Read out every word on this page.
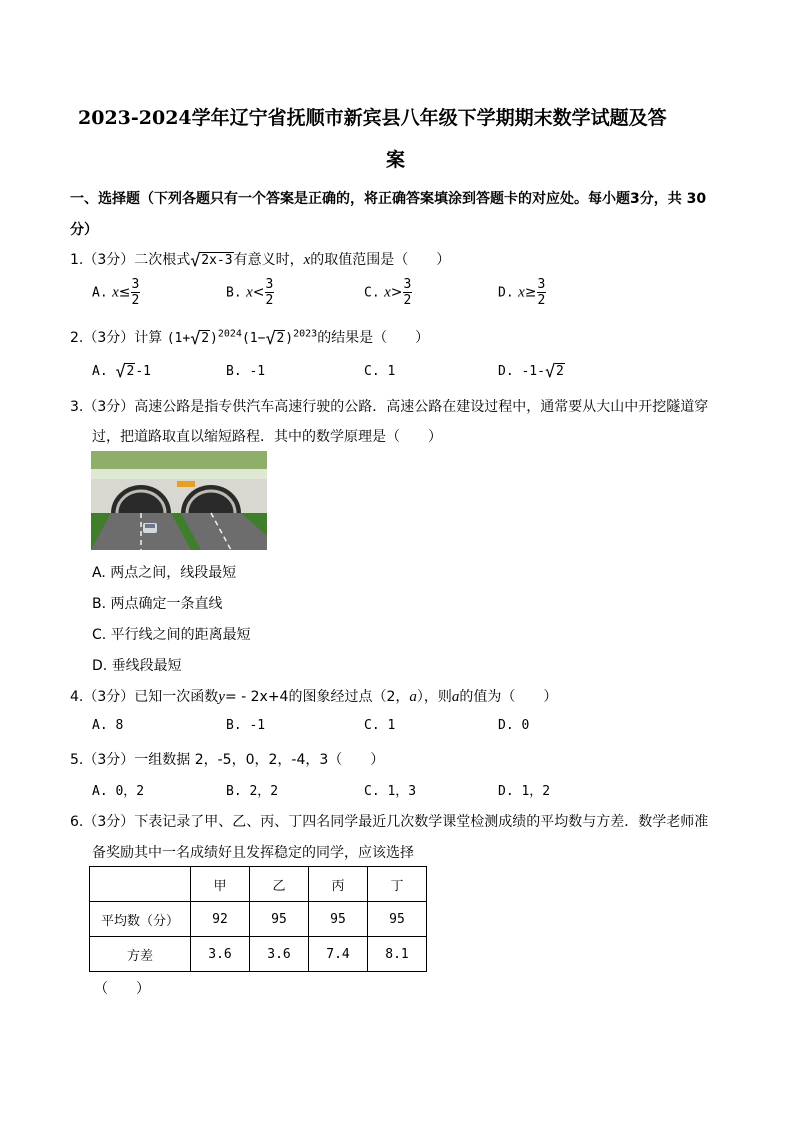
2023-2024学年辽宁省抚顺市新宾县八年级下学期期末数学试题及答
案
一、选择题（下列各题只有一个答案是正确的，将正确答案填涂到答题卡的对应处。每小题3分，共 30
分）
1.（3分）二次根式 √ 2x-3有意义时，x的取值范围是（　　）
A. $x\le \frac{3}{2}$	B. $x< \frac{3}{2}$	C. $x> \frac{3}{2}$	D. $x\ge \frac{3}{2}$
2.（3分）计算 (1+ √ 2)$^{2024}$(1− √ 2)$^{2023}$的结果是（　　）
A. √ 2-1	B. -1	C. 1	D. -1- √ 2
3.（3分）高速公路是指专供汽车高速行驶的公路．高速公路在建设过程中，通常要从大山中开挖隧道穿
过，把道路取直以缩短路程．其中的数学原理是（　　）
A. 两点之间，线段最短
B. 两点确定一条直线
C. 平行线之间的距离最短
D. 垂线段最短
4.（3分）已知一次函数y= - 2x+4的图象经过点（2，a），则a的值为（　　）
A. 8	B. -1	C. 1	D. 0
5.（3分）一组数据 2，-5，0，2，-4，3（　　）
A. 0，2	B. 2，2	C. 1，3	D. 1，2
6.（3分）下表记录了甲、乙、丙、丁四名同学最近几次数学课堂检测成绩的平均数与方差．数学老师准
备奖励其中一名成绩好且发挥稳定的同学，应该选择
	甲	乙	丙	丁
平均数（分）	92	95	95	95
方差	3.6	3.6	7.4	8.1
（　　）
